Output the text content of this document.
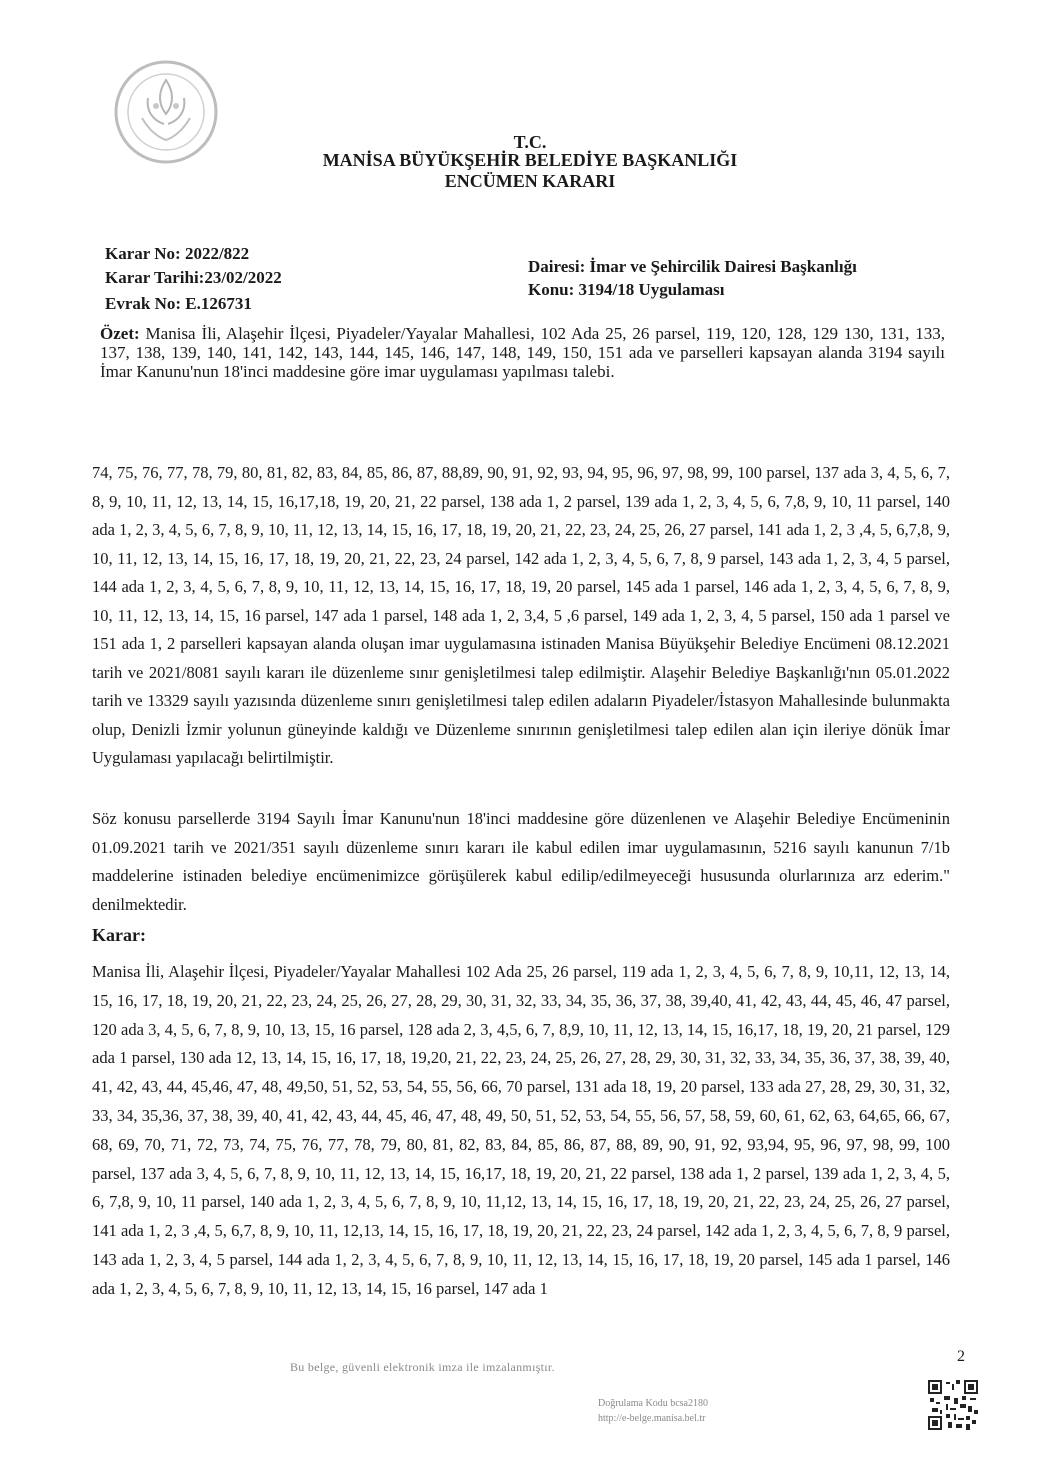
T.C.
MANİSA BÜYÜKŞEHİR BELEDİYE BAŞKANLIĞI
ENCÜMEN KARARI
Karar No: 2022/822
Karar Tarihi:23/02/2022
Evrak No: E.126731
Dairesi: İmar ve Şehircilik Dairesi Başkanlığı
Konu: 3194/18 Uygulaması
Özet: Manisa İli, Alaşehir İlçesi, Piyadeler/Yayalar Mahallesi, 102 Ada 25, 26 parsel, 119, 120, 128, 129 130, 131, 133, 137, 138, 139, 140, 141, 142, 143, 144, 145, 146, 147, 148, 149, 150, 151 ada ve parselleri kapsayan alanda 3194 sayılı İmar Kanunu'nun 18'inci maddesine göre imar uygulaması yapılması talebi.
74, 75, 76, 77, 78, 79, 80, 81, 82, 83, 84, 85, 86, 87, 88,89, 90, 91, 92, 93, 94, 95, 96, 97, 98, 99, 100 parsel, 137 ada 3, 4, 5, 6, 7, 8, 9, 10, 11, 12, 13, 14, 15, 16,17,18, 19, 20, 21, 22 parsel, 138 ada 1, 2 parsel, 139 ada 1, 2, 3, 4, 5, 6, 7,8, 9, 10, 11 parsel, 140 ada 1, 2, 3, 4, 5, 6, 7, 8, 9, 10, 11, 12, 13, 14, 15, 16, 17, 18, 19, 20, 21, 22, 23, 24, 25, 26, 27 parsel, 141 ada 1, 2, 3 ,4, 5, 6,7,8, 9, 10, 11, 12, 13, 14, 15, 16, 17, 18, 19, 20, 21, 22, 23, 24 parsel, 142 ada 1, 2, 3, 4, 5, 6, 7, 8, 9 parsel, 143 ada 1, 2, 3, 4, 5 parsel, 144 ada 1, 2, 3, 4, 5, 6, 7, 8, 9, 10, 11, 12, 13, 14, 15, 16, 17, 18, 19, 20 parsel, 145 ada 1 parsel, 146 ada 1, 2, 3, 4, 5, 6, 7, 8, 9, 10, 11, 12, 13, 14, 15, 16 parsel, 147 ada 1 parsel, 148 ada 1, 2, 3,4, 5 ,6 parsel, 149 ada 1, 2, 3, 4, 5 parsel, 150 ada 1 parsel ve 151 ada 1, 2 parselleri kapsayan alanda oluşan imar uygulamasına istinaden Manisa Büyükşehir Belediye Encümeni 08.12.2021 tarih ve 2021/8081 sayılı kararı ile düzenleme sınır genişletilmesi talep edilmiştir. Alaşehir Belediye Başkanlığı'nın 05.01.2022 tarih ve 13329 sayılı yazısında düzenleme sınırı genişletilmesi talep edilen adaların Piyadeler/İstasyon Mahallesinde bulunmakta olup, Denizli İzmir yolunun güneyinde kaldığı ve Düzenleme sınırının genişletilmesi talep edilen alan için ileriye dönük İmar Uygulaması yapılacağı belirtilmiştir.
Söz konusu parsellerde 3194 Sayılı İmar Kanunu'nun 18'inci maddesine göre düzenlenen ve Alaşehir Belediye Encümeninin 01.09.2021 tarih ve 2021/351 sayılı düzenleme sınırı kararı ile kabul edilen imar uygulamasının, 5216 sayılı kanunun 7/1b maddelerine istinaden belediye encümenimizce görüşülerek kabul edilip/edilmeyeceği hususunda olurlarınıza arz ederim." denilmektedir.
Karar:
Manisa İli, Alaşehir İlçesi, Piyadeler/Yayalar Mahallesi 102 Ada 25, 26 parsel, 119 ada 1, 2, 3, 4, 5, 6, 7, 8, 9, 10,11, 12, 13, 14, 15, 16, 17, 18, 19, 20, 21, 22, 23, 24, 25, 26, 27, 28, 29, 30, 31, 32, 33, 34, 35, 36, 37, 38, 39,40, 41, 42, 43, 44, 45, 46, 47 parsel, 120 ada 3, 4, 5, 6, 7, 8, 9, 10, 13, 15, 16 parsel, 128 ada 2, 3, 4,5, 6, 7, 8,9, 10, 11, 12, 13, 14, 15, 16,17, 18, 19, 20, 21 parsel, 129 ada 1 parsel, 130 ada 12, 13, 14, 15, 16, 17, 18, 19,20, 21, 22, 23, 24, 25, 26, 27, 28, 29, 30, 31, 32, 33, 34, 35, 36, 37, 38, 39, 40, 41, 42, 43, 44, 45,46, 47, 48, 49,50, 51, 52, 53, 54, 55, 56, 66, 70 parsel, 131 ada 18, 19, 20 parsel, 133 ada 27, 28, 29, 30, 31, 32, 33, 34, 35,36, 37, 38, 39, 40, 41, 42, 43, 44, 45, 46, 47, 48, 49, 50, 51, 52, 53, 54, 55, 56, 57, 58, 59, 60, 61, 62, 63, 64,65, 66, 67, 68, 69, 70, 71, 72, 73, 74, 75, 76, 77, 78, 79, 80, 81, 82, 83, 84, 85, 86, 87, 88, 89, 90, 91, 92, 93,94, 95, 96, 97, 98, 99, 100 parsel, 137 ada 3, 4, 5, 6, 7, 8, 9, 10, 11, 12, 13, 14, 15, 16,17, 18, 19, 20, 21, 22 parsel, 138 ada 1, 2 parsel, 139 ada 1, 2, 3, 4, 5, 6, 7,8, 9, 10, 11 parsel, 140 ada 1, 2, 3, 4, 5, 6, 7, 8, 9, 10, 11,12, 13, 14, 15, 16, 17, 18, 19, 20, 21, 22, 23, 24, 25, 26, 27 parsel, 141 ada 1, 2, 3 ,4, 5, 6,7, 8, 9, 10, 11, 12,13, 14, 15, 16, 17, 18, 19, 20, 21, 22, 23, 24 parsel, 142 ada 1, 2, 3, 4, 5, 6, 7, 8, 9 parsel, 143 ada 1, 2, 3, 4, 5 parsel, 144 ada 1, 2, 3, 4, 5, 6, 7, 8, 9, 10, 11, 12, 13, 14, 15, 16, 17, 18, 19, 20 parsel, 145 ada 1 parsel, 146 ada 1, 2, 3, 4, 5, 6, 7, 8, 9, 10, 11, 12, 13, 14, 15, 16 parsel, 147 ada 1
Bu belge, güvenli elektronik imza ile imzalanmıştır.
2
Doğrulama Kodu bcsa2180
http://e-belge.manisa.bel.tr
